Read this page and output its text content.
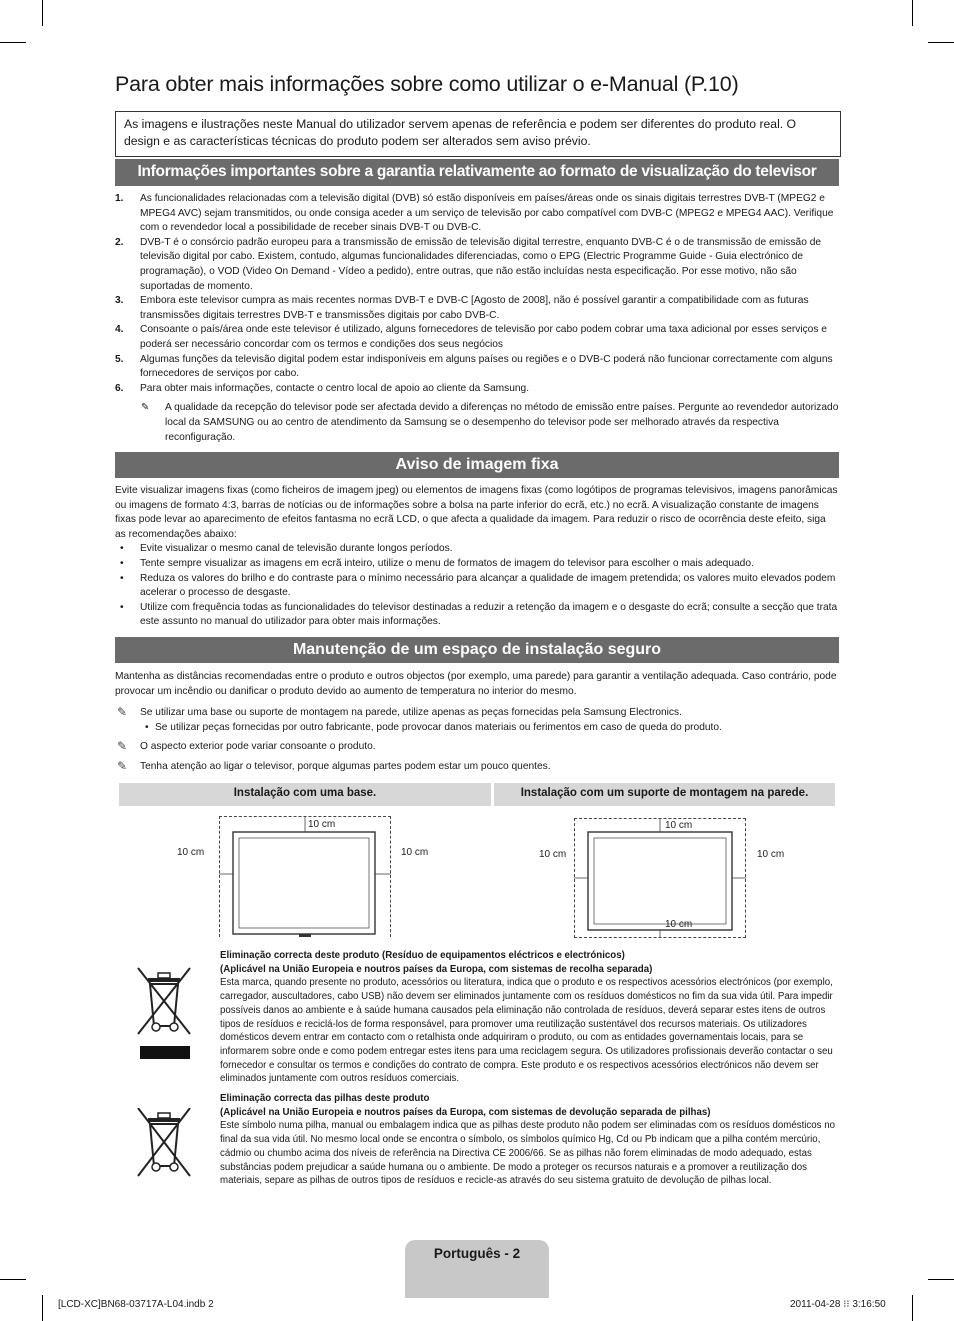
Para obter mais informações sobre como utilizar o e-Manual (P.10)
As imagens e ilustrações neste Manual do utilizador servem apenas de referência e podem ser diferentes do produto real. O design e as características técnicas do produto podem ser alterados sem aviso prévio.
Informações importantes sobre a garantia relativamente ao formato de visualização do televisor
1. As funcionalidades relacionadas com a televisão digital (DVB) só estão disponíveis em países/áreas onde os sinais digitais terrestres DVB-T (MPEG2 e MPEG4 AVC) sejam transmitidos, ou onde consiga aceder a um serviço de televisão por cabo compatível com DVB-C (MPEG2 e MPEG4 AAC). Verifique com o revendedor local a possibilidade de receber sinais DVB-T ou DVB-C.
2. DVB-T é o consórcio padrão europeu para a transmissão de emissão de televisão digital terrestre, enquanto DVB-C é o de transmissão de emissão de televisão digital por cabo. Existem, contudo, algumas funcionalidades diferenciadas, como o EPG (Electric Programme Guide - Guia electrónico de programação), o VOD (Video On Demand - Vídeo a pedido), entre outras, que não estão incluídas nesta especificação. Por esse motivo, não são suportadas de momento.
3. Embora este televisor cumpra as mais recentes normas DVB-T e DVB-C [Agosto de 2008], não é possível garantir a compatibilidade com as futuras transmissões digitais terrestres DVB-T e transmissões digitais por cabo DVB-C.
4. Consoante o país/área onde este televisor é utilizado, alguns fornecedores de televisão por cabo podem cobrar uma taxa adicional por esses serviços e poderá ser necessário concordar com os termos e condições dos seus negócios
5. Algumas funções da televisão digital podem estar indisponíveis em alguns países ou regiões e o DVB-C poderá não funcionar correctamente com alguns fornecedores de serviços por cabo.
6. Para obter mais informações, contacte o centro local de apoio ao cliente da Samsung.
✎	A qualidade da recepção do televisor pode ser afectada devido a diferenças no método de emissão entre países. Pergunte ao revendedor autorizado local da SAMSUNG ou ao centro de atendimento da Samsung se o desempenho do televisor pode ser melhorado através da respectiva reconfiguração.
Aviso de imagem fixa
Evite visualizar imagens fixas (como ficheiros de imagem jpeg) ou elementos de imagens fixas (como logótipos de programas televisivos, imagens panorâmicas ou imagens de formato 4:3, barras de notícias ou de informações sobre a bolsa na parte inferior do ecrã, etc.) no ecrã. A visualização constante de imagens fixas pode levar ao aparecimento de efeitos fantasma no ecrã LCD, o que afecta a qualidade da imagem. Para reduzir o risco de ocorrência deste efeito, siga as recomendações abaixo:
• Evite visualizar o mesmo canal de televisão durante longos períodos.
• Tente sempre visualizar as imagens em ecrã inteiro, utilize o menu de formatos de imagem do televisor para escolher o mais adequado.
• Reduza os valores do brilho e do contraste para o mínimo necessário para alcançar a qualidade de imagem pretendida; os valores muito elevados podem acelerar o processo de desgaste.
• Utilize com frequência todas as funcionalidades do televisor destinadas a reduzir a retenção da imagem e o desgaste do ecrã; consulte a secção que trata este assunto no manual do utilizador para obter mais informações.
Manutenção de um espaço de instalação seguro
Mantenha as distâncias recomendadas entre o produto e outros objectos (por exemplo, uma parede) para garantir a ventilação adequada. Caso contrário, pode provocar um incêndio ou danificar o produto devido ao aumento de temperatura no interior do mesmo.
✎ Se utilizar uma base ou suporte de montagem na parede, utilize apenas as peças fornecidas pela Samsung Electronics.
• Se utilizar peças fornecidas por outro fabricante, pode provocar danos materiais ou ferimentos em caso de queda do produto.
✎ O aspecto exterior pode variar consoante o produto.
✎ Tenha atenção ao ligar o televisor, porque algumas partes podem estar um pouco quentes.
Instalação com uma base.	Instalação com um suporte de montagem na parede.
10 cm
10 cm	10 cm
10 cm
10 cm	10 cm
10 cm
Eliminação correcta deste produto (Resíduo de equipamentos eléctricos e electrónicos)
(Aplicável na União Europeia e noutros países da Europa, com sistemas de recolha separada)
Esta marca, quando presente no produto, acessórios ou literatura, indica que o produto e os respectivos acessórios electrónicos (por exemplo, carregador, auscultadores, cabo USB) não devem ser eliminados juntamente com os resíduos domésticos no fim da sua vida útil. Para impedir possíveis danos ao ambiente e à saúde humana causados pela eliminação não controlada de resíduos, deverá separar estes itens de outros tipos de resíduos e reciclá-los de forma responsável, para promover uma reutilização sustentável dos recursos materiais. Os utilizadores domésticos devem entrar em contacto com o retalhista onde adquiriram o produto, ou com as entidades governamentais locais, para se informarem sobre onde e como podem entregar estes itens para uma reciclagem segura. Os utilizadores profissionais deverão contactar o seu fornecedor e consultar os termos e condições do contrato de compra. Este produto e os respectivos acessórios electrónicos não devem ser eliminados juntamente com outros resíduos comerciais.
Eliminação correcta das pilhas deste produto
(Aplicável na União Europeia e noutros países da Europa, com sistemas de devolução separada de pilhas)
Este símbolo numa pilha, manual ou embalagem indica que as pilhas deste produto não podem ser eliminadas com os resíduos domésticos no final da sua vida útil. No mesmo local onde se encontra o símbolo, os símbolos químico Hg, Cd ou Pb indicam que a pilha contém mercúrio, cádmio ou chumbo acima dos níveis de referência na Directiva CE 2006/66. Se as pilhas não forem eliminadas de modo adequado, estas substâncias podem prejudicar a saúde humana ou o ambiente. De modo a proteger os recursos naturais e a promover a reutilização dos materiais, separe as pilhas de outros tipos de resíduos e recicle-as através do seu sistema gratuito de devolução de pilhas local.
Português - 2
[LCD-XC]BN68-03717A-L04.indb 2	2011-04-28 ⁝⁝ 3:16:50
